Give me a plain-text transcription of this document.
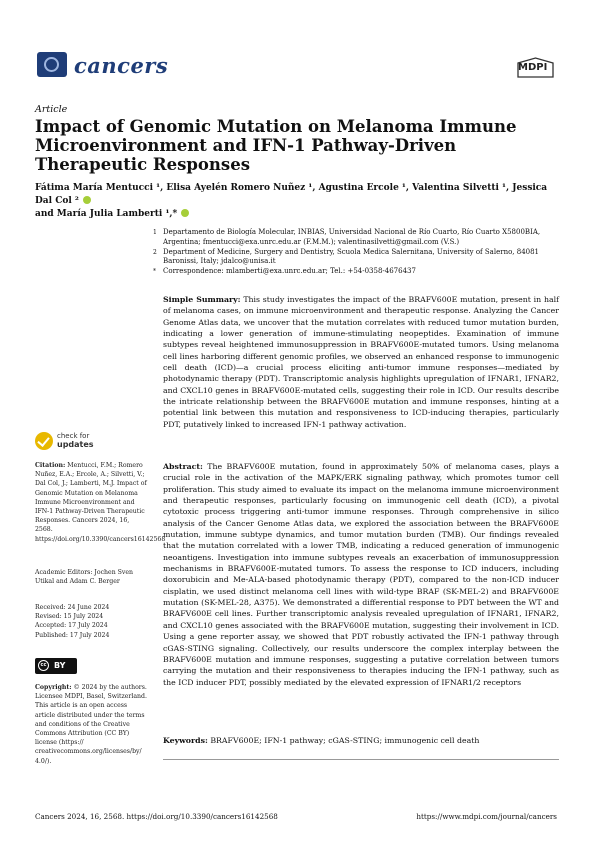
cancers	MDPI
Article
Impact of Genomic Mutation on Melanoma Immune Microenvironment and IFN-1 Pathway-Driven Therapeutic Responses
Fátima María Mentucci ¹, Elisa Ayelén Romero Nuñez ¹, Agustina Ercole ¹, Valentina Silvetti ¹, Jessica Dal Col ²
and María Julia Lamberti ¹,*
1 Departamento de Biología Molecular, INBIAS, Universidad Nacional de Río Cuarto, Río Cuarto X5800BIA, Argentina; fmentucci@exa.unrc.edu.ar (F.M.M.); valentinasilvetti@gmail.com (V.S.)
2 Department of Medicine, Surgery and Dentistry, Scuola Medica Salernitana, University of Salerno, 84081 Baronissi, Italy; jdalco@unisa.it
* Correspondence: mlamberti@exa.unrc.edu.ar; Tel.: +54-0358-4676437
Simple Summary: This study investigates the impact of the BRAFV600E mutation, present in half of melanoma cases, on immune microenvironment and therapeutic response. Analyzing the Cancer Genome Atlas data, we uncover that the mutation correlates with reduced tumor mutation burden, indicating a lower generation of immune-stimulating neopeptides. Examination of immune subtypes reveal heightened immunosuppression in BRAFV600E-mutated tumors. Using melanoma cell lines harboring different genomic profiles, we observed an enhanced response to immunogenic cell death (ICD)—a crucial process eliciting anti-tumor immune responses—mediated by photodynamic therapy (PDT). Transcriptomic analysis highlights upregulation of IFNAR1, IFNAR2, and CXCL10 genes in BRAFV600E-mutated cells, suggesting their role in ICD. Our results describe the intricate relationship between the BRAFV600E mutation and immune responses, hinting at a potential link between this mutation and responsiveness to ICD-inducing therapies, particularly PDT, putatively linked to increased IFN-1 pathway activation.
Abstract: The BRAFV600E mutation, found in approximately 50% of melanoma cases, plays a crucial role in the activation of the MAPK/ERK signaling pathway, which promotes tumor cell proliferation. This study aimed to evaluate its impact on the melanoma immune microenvironment and therapeutic responses, particularly focusing on immunogenic cell death (ICD), a pivotal cytotoxic process triggering anti-tumor immune responses. Through comprehensive in silico analysis of the Cancer Genome Atlas data, we explored the association between the BRAFV600E mutation, immune subtype dynamics, and tumor mutation burden (TMB). Our findings revealed that the mutation correlated with a lower TMB, indicating a reduced generation of immunogenic neoantigens. Investigation into immune subtypes reveals an exacerbation of immunosuppression mechanisms in BRAFV600E-mutated tumors. To assess the response to ICD inducers, including doxorubicin and Me-ALA-based photodynamic therapy (PDT), compared to the non-ICD inducer cisplatin, we used distinct melanoma cell lines with wild-type BRAF (SK-MEL-2) and BRAFV600E mutation (SK-MEL-28, A375). We demonstrated a differential response to PDT between the WT and BRAFV600E cell lines. Further transcriptomic analysis revealed upregulation of IFNAR1, IFNAR2, and CXCL10 genes associated with the BRAFV600E mutation, suggesting their involvement in ICD. Using a gene reporter assay, we showed that PDT robustly activated the IFN-1 pathway through cGAS-STING signaling. Collectively, our results underscore the complex interplay between the BRAFV600E mutation and immune responses, suggesting a putative correlation between tumors carrying the mutation and their responsiveness to therapies inducing the IFN-1 pathway, such as the ICD inducer PDT, possibly mediated by the elevated expression of IFNAR1/2 receptors
Keywords: BRAFV600E; IFN-1 pathway; cGAS-STING; immunogenic cell death
check for
updates
Citation: Mentucci, F.M.; Romero Nuñez, E.A.; Ercole, A.; Silvetti, V.; Dal Col, J.; Lamberti, M.J. Impact of Genomic Mutation on Melanoma Immune Microenvironment and IFN-1 Pathway-Driven Therapeutic Responses. Cancers 2024, 16, 2568. https://doi.org/10.3390/cancers16142568
Academic Editors: Jochen Sven Utikal and Adam C. Berger
Received: 24 June 2024
Revised: 15 July 2024
Accepted: 17 July 2024
Published: 17 July 2024
cc BY
Copyright: © 2024 by the authors. Licensee MDPI, Basel, Switzerland. This article is an open access article distributed under the terms and conditions of the Creative Commons Attribution (CC BY) license (https:// creativecommons.org/licenses/by/ 4.0/).
Cancers 2024, 16, 2568. https://doi.org/10.3390/cancers16142568	https://www.mdpi.com/journal/cancers
